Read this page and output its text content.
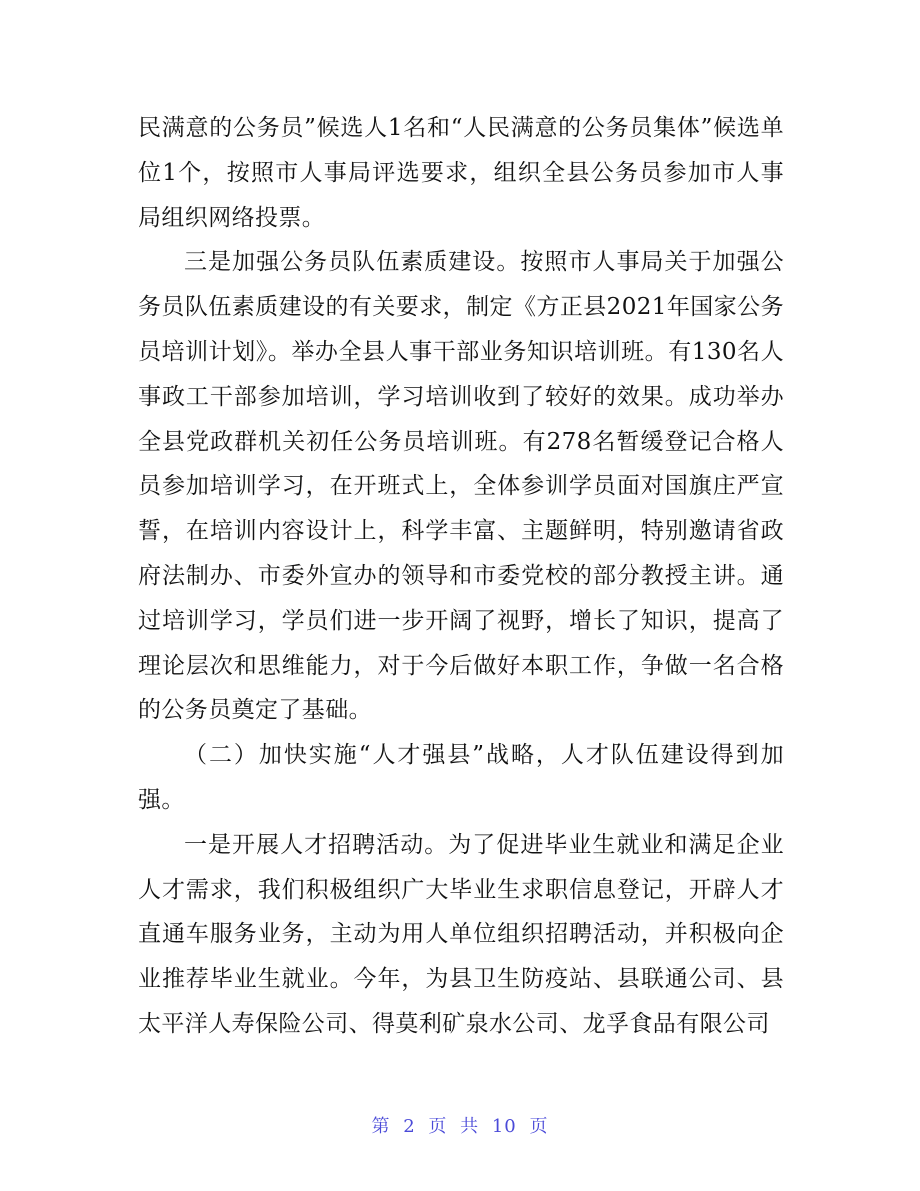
民满意的公务员”候选人1名和“人民满意的公务员集体”候选单位1个，按照市人事局评选要求，组织全县公务员参加市人事局组织网络投票。

三是加强公务员队伍素质建设。按照市人事局关于加强公务员队伍素质建设的有关要求，制定《方正县2021年国家公务员培训计划》。举办全县人事干部业务知识培训班。有130名人事政工干部参加培训，学习培训收到了较好的效果。成功举办全县党政群机关初任公务员培训班。有278名暂缓登记合格人员参加培训学习，在开班式上，全体参训学员面对国旗庄严宣誓，在培训内容设计上，科学丰富、主题鲜明，特别邀请省政府法制办、市委外宣办的领导和市委党校的部分教授主讲。通过培训学习，学员们进一步开阔了视野，增长了知识，提高了理论层次和思维能力，对于今后做好本职工作，争做一名合格的公务员奠定了基础。

（二）加快实施“人才强县”战略，人才队伍建设得到加强。

一是开展人才招聘活动。为了促进毕业生就业和满足企业人才需求，我们积极组织广大毕业生求职信息登记，开辟人才直通车服务业务，主动为用人单位组织招聘活动，并积极向企业推荐毕业生就业。今年，为县卫生防疫站、县联通公司、县太平洋人寿保险公司、得莫利矿泉水公司、龙孚食品有限公司

第 2 页 共 10 页
